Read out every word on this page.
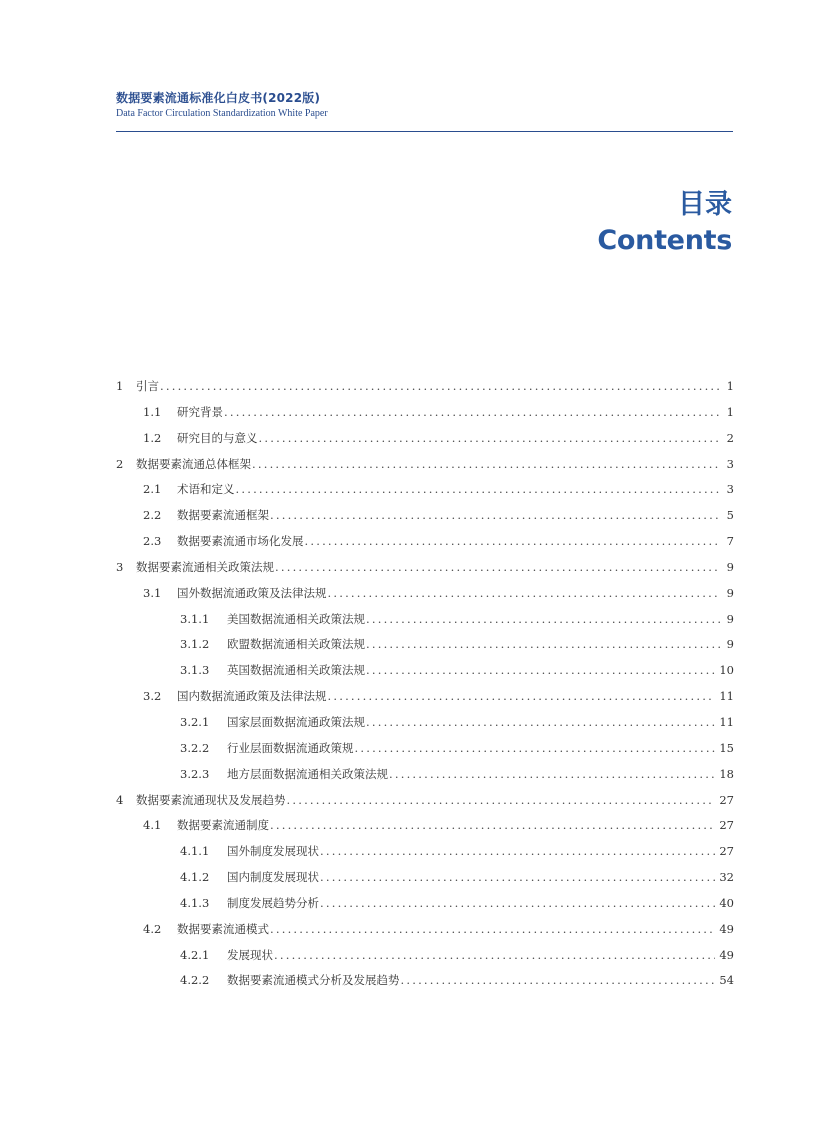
数据要素流通标准化白皮书(2022版)
Data Factor Circulation Standardization White Paper
目录
Contents
1	引言 .....	1
1.1	研究背景 .....	1
1.2	研究目的与意义 .....	2
2	数据要素流通总体框架 .....	3
2.1	术语和定义 .....	3
2.2	数据要素流通框架 .....	5
2.3	数据要素流通市场化发展 .....	7
3	数据要素流通相关政策法规 .....	9
3.1	国外数据流通政策及法律法规 .....	9
3.1.1	美国数据流通相关政策法规 .....	9
3.1.2	欧盟数据流通相关政策法规 .....	9
3.1.3	英国数据流通相关政策法规 .....	10
3.2	国内数据流通政策及法律法规 .....	11
3.2.1	国家层面数据流通政策法规 .....	11
3.2.2	行业层面数据流通政策规 .....	15
3.2.3	地方层面数据流通相关政策法规 .....	18
4	数据要素流通现状及发展趋势 .....	27
4.1	数据要素流通制度 .....	27
4.1.1	国外制度发展现状 .....	27
4.1.2	国内制度发展现状 .....	32
4.1.3	制度发展趋势分析 .....	40
4.2	数据要素流通模式 .....	49
4.2.1	发展现状 .....	49
4.2.2	数据要素流通模式分析及发展趋势 .....	54
